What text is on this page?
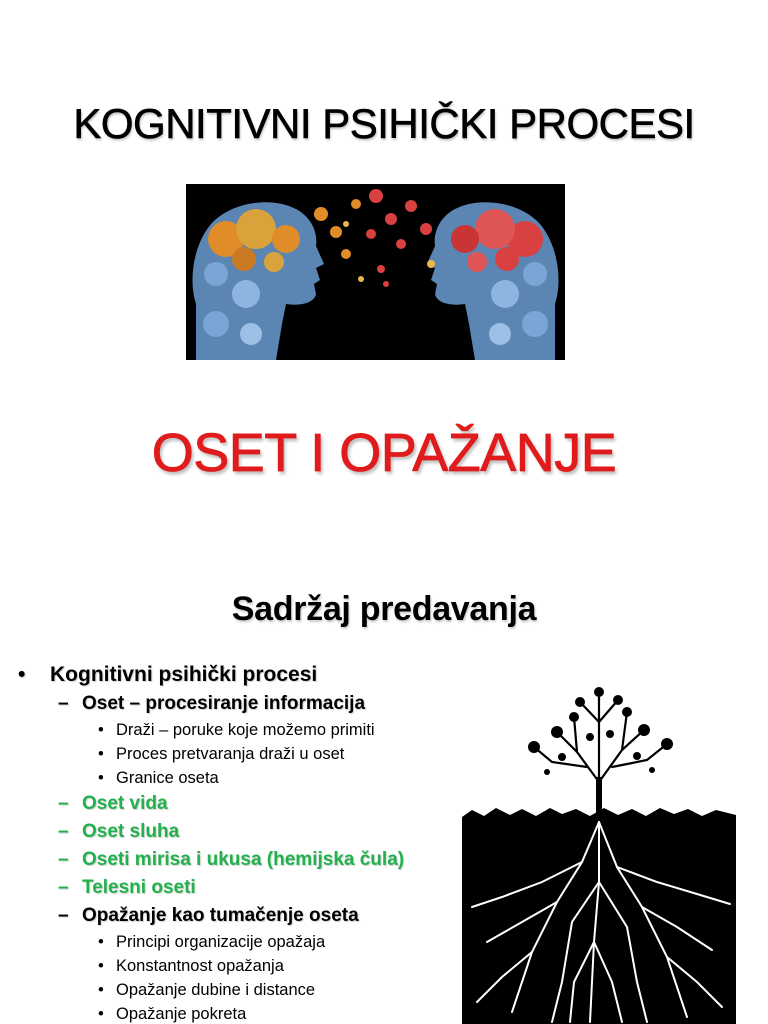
KOGNITIVNI PSIHIČKI PROCESI
OSET I OPAŽANJE
Sadržaj predavanja
• Kognitivni psihički procesi
– Oset – procesiranje informacija
• Draži – poruke koje možemo primiti
• Proces pretvaranja draži u oset
• Granice oseta
– Oset vida
– Oset sluha
– Oseti mirisa i ukusa (hemijska čula)
– Telesni oseti
– Opažanje kao tumačenje oseta
• Principi organizacije opažaja
• Konstantnost opažanja
• Opažanje dubine i distance
• Opažanje pokreta
